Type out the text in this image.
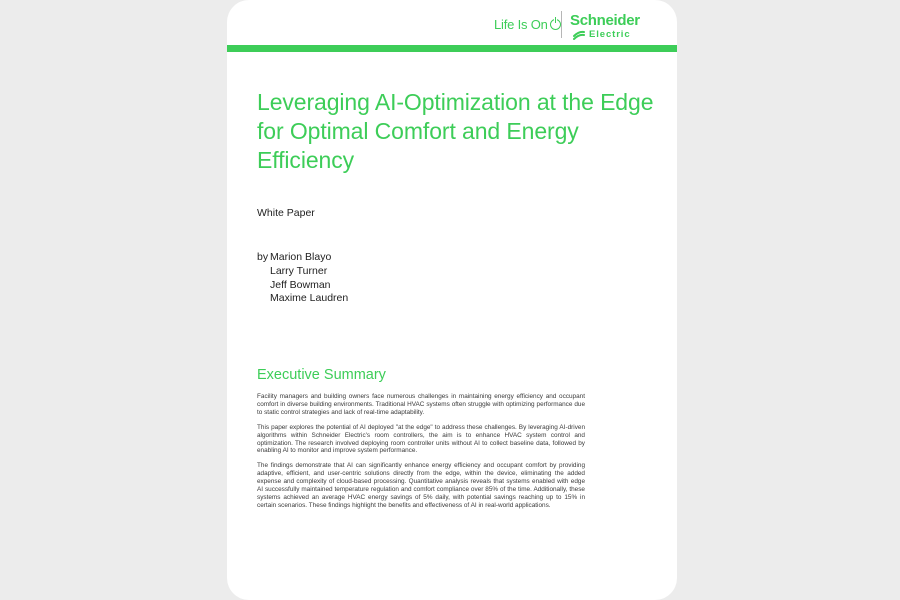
Life Is On	Schneider
Electric
Leveraging AI-Optimization at the Edge for Optimal Comfort and Energy Efficiency
White Paper
by Marion Blayo
Larry Turner
Jeff Bowman
Maxime Laudren
Executive Summary

Facility managers and building owners face numerous challenges in maintaining energy efficiency and occupant comfort in diverse building environments. Traditional HVAC systems often struggle with optimizing performance due to static control strategies and lack of real-time adaptability.

This paper explores the potential of AI deployed "at the edge" to address these challenges. By leveraging AI-driven algorithms within Schneider Electric's room controllers, the aim is to enhance HVAC system control and optimization. The research involved deploying room controller units without AI to collect baseline data, followed by enabling AI to monitor and improve system performance.

The findings demonstrate that AI can significantly enhance energy efficiency and occupant comfort by providing adaptive, efficient, and user-centric solutions directly from the edge, within the device, eliminating the added expense and complexity of cloud-based processing. Quantitative analysis reveals that systems enabled with edge AI successfully maintained temperature regulation and comfort compliance over 85% of the time. Additionally, these systems achieved an average HVAC energy savings of 5% daily, with potential savings reaching up to 15% in certain scenarios. These findings highlight the benefits and effectiveness of AI in real-world applications.
